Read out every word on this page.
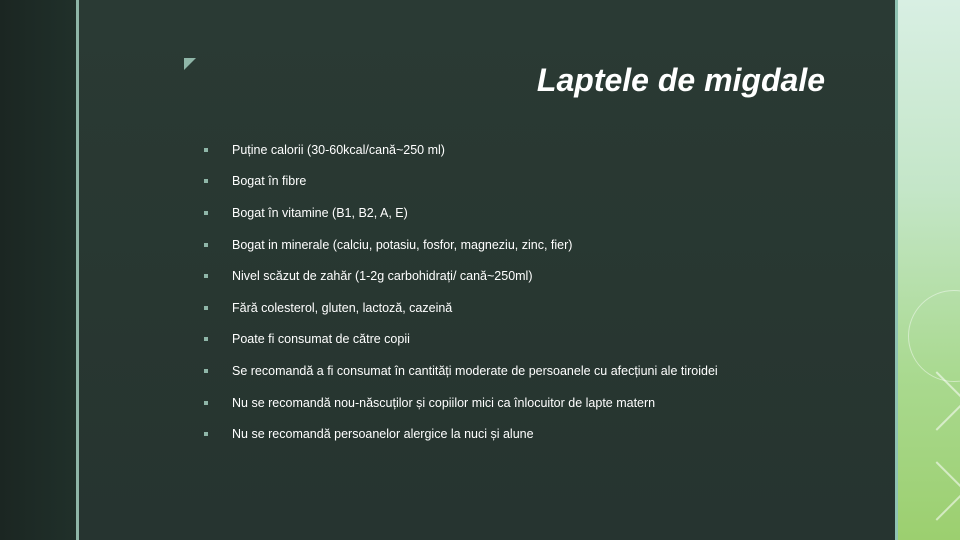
Laptele de migdale
Puține calorii (30-60kcal/cană~250 ml)
Bogat în fibre
Bogat în vitamine (B1, B2, A, E)
Bogat in minerale (calciu, potasiu, fosfor, magneziu, zinc, fier)
Nivel scăzut de zahăr (1-2g carbohidrați/ cană~250ml)
Fără colesterol, gluten, lactoză, cazeină
Poate fi consumat de către copii
Se recomandă a fi consumat în cantități moderate de persoanele cu afecțiuni ale tiroidei
Nu se recomandă nou-născuților și copiilor mici ca înlocuitor de lapte matern
Nu se recomandă persoanelor alergice la nuci și alune
